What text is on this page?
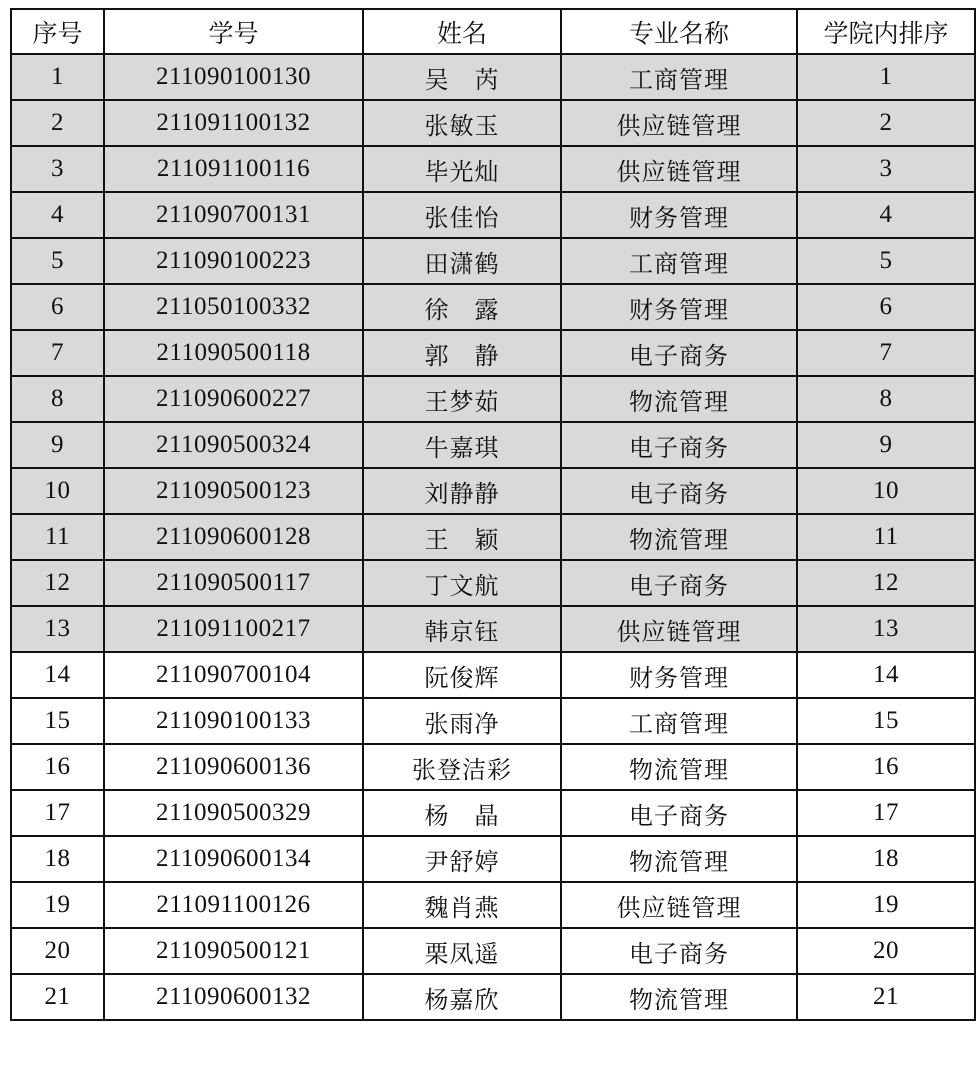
序号	学号	姓名	专业名称	学院内排序
1	211090100130	吴　芮	工商管理	1
2	211091100132	张敏玉	供应链管理	2
3	211091100116	毕光灿	供应链管理	3
4	211090700131	张佳怡	财务管理	4
5	211090100223	田潇鹤	工商管理	5
6	211050100332	徐　露	财务管理	6
7	211090500118	郭　静	电子商务	7
8	211090600227	王梦茹	物流管理	8
9	211090500324	牛嘉琪	电子商务	9
10	211090500123	刘静静	电子商务	10
11	211090600128	王　颖	物流管理	11
12	211090500117	丁文航	电子商务	12
13	211091100217	韩京钰	供应链管理	13
14	211090700104	阮俊辉	财务管理	14
15	211090100133	张雨净	工商管理	15
16	211090600136	张登洁彩	物流管理	16
17	211090500329	杨　晶	电子商务	17
18	211090600134	尹舒婷	物流管理	18
19	211091100126	魏肖燕	供应链管理	19
20	211090500121	栗凤遥	电子商务	20
21	211090600132	杨嘉欣	物流管理	21
